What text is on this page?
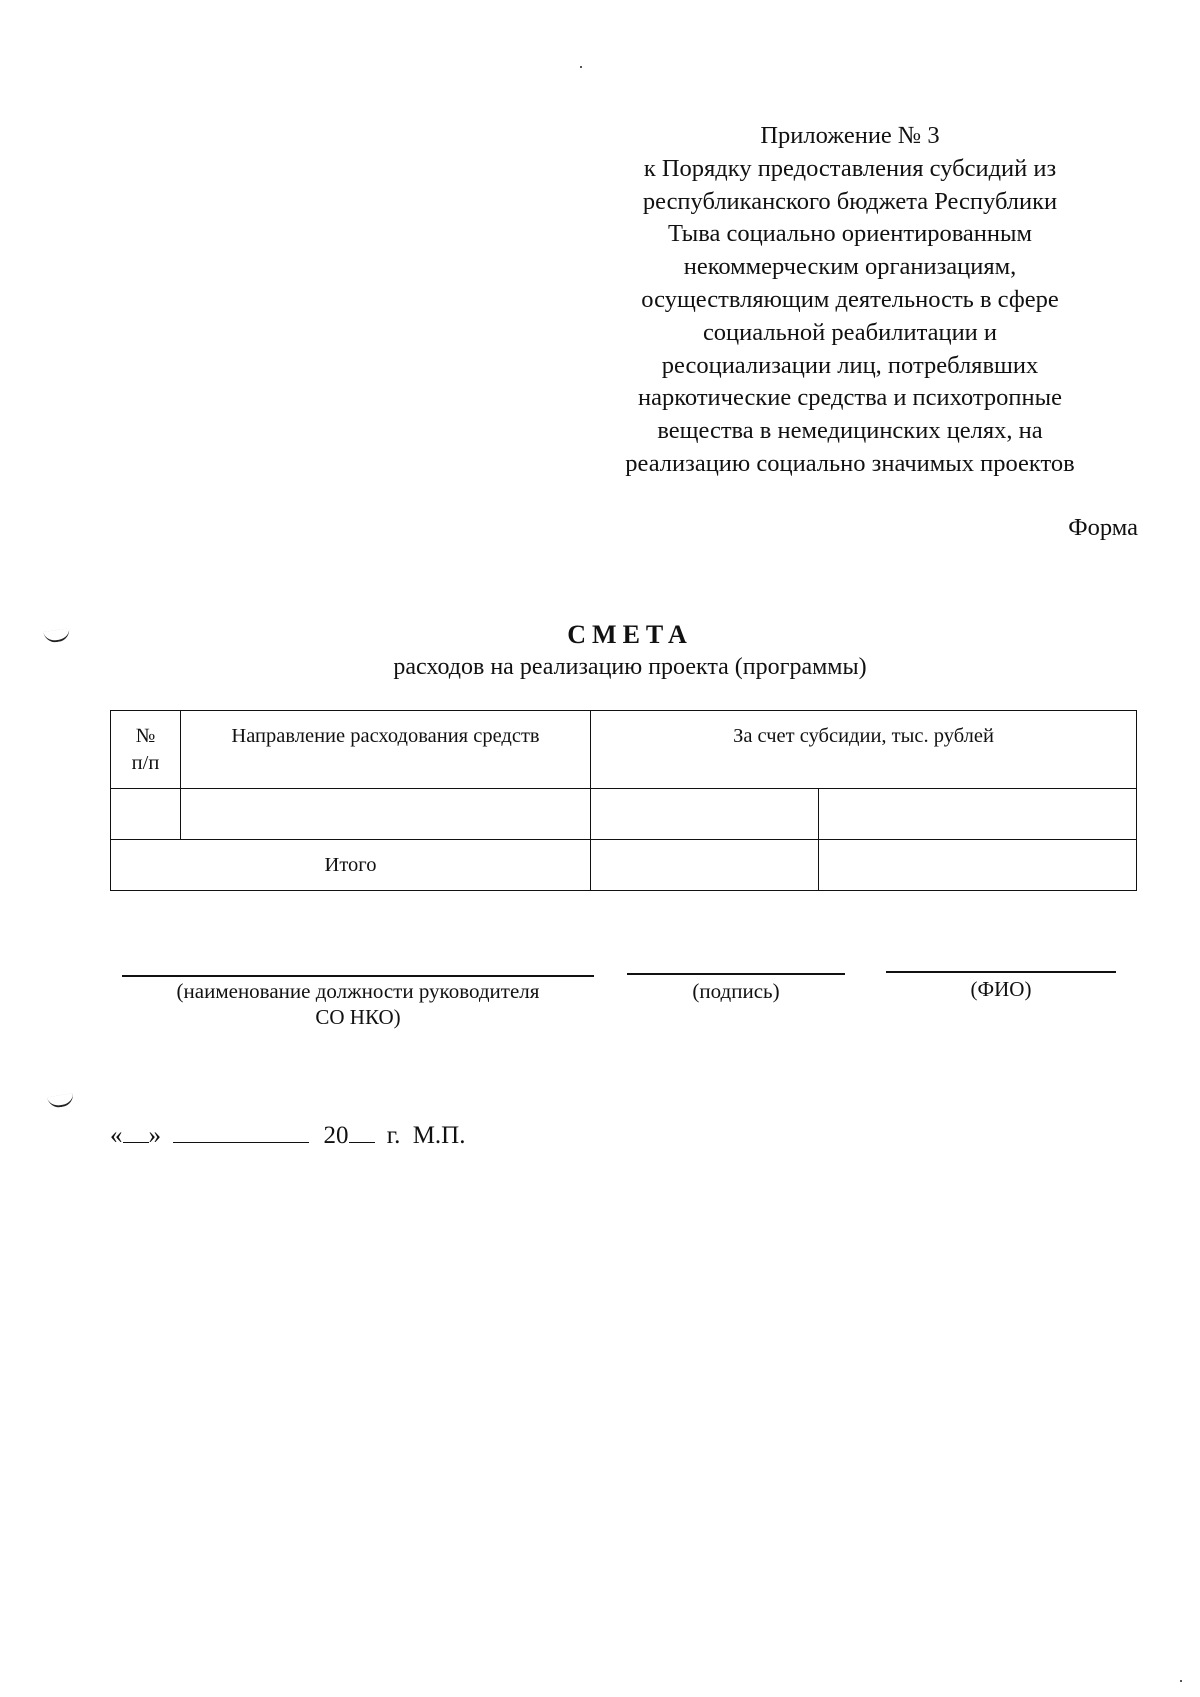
Приложение № 3
к Порядку предоставления субсидий из
республиканского бюджета Республики
Тыва социально ориентированным
некоммерческим организациям,
осуществляющим деятельность в сфере
социальной реабилитации и
ресоциализации лиц, потреблявших
наркотические средства и психотропные
вещества в немедицинских целях, на
реализацию социально значимых проектов
Форма
СМЕТА
расходов на реализацию проекта (программы)
№
п/п	Направление расходования средств	За счет субсидии, тыс. рублей	

Итого			
(наименование должности руководителя
СО НКО)
(подпись)	(ФИО)
« »	20 г. М.П.
